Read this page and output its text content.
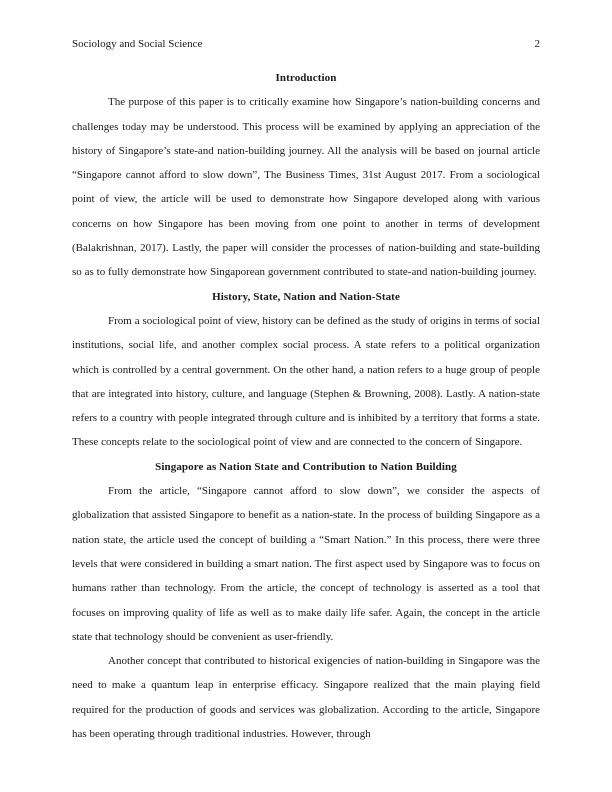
Sociology and Social Science	2
Introduction

The purpose of this paper is to critically examine how Singapore’s nation-building concerns and challenges today may be understood. This process will be examined by applying an appreciation of the history of Singapore’s state-and nation-building journey. All the analysis will be based on journal article “Singapore cannot afford to slow down”, The Business Times, 31st August 2017. From a sociological point of view, the article will be used to demonstrate how Singapore developed along with various concerns on how Singapore has been moving from one point to another in terms of development (Balakrishnan, 2017). Lastly, the paper will consider the processes of nation-building and state-building so as to fully demonstrate how Singaporean government contributed to state-and nation-building journey.

History, State, Nation and Nation-State

From a sociological point of view, history can be defined as the study of origins in terms of social institutions, social life, and another complex social process. A state refers to a political organization which is controlled by a central government. On the other hand, a nation refers to a huge group of people that are integrated into history, culture, and language (Stephen & Browning, 2008). Lastly. A nation-state refers to a country with people integrated through culture and is inhibited by a territory that forms a state. These concepts relate to the sociological point of view and are connected to the concern of Singapore.

Singapore as Nation State and Contribution to Nation Building

From the article, “Singapore cannot afford to slow down”, we consider the aspects of globalization that assisted Singapore to benefit as a nation-state. In the process of building Singapore as a nation state, the article used the concept of building a “Smart Nation.” In this process, there were three levels that were considered in building a smart nation. The first aspect used by Singapore was to focus on humans rather than technology. From the article, the concept of technology is asserted as a tool that focuses on improving quality of life as well as to make daily life safer. Again, the concept in the article state that technology should be convenient as user-friendly.

Another concept that contributed to historical exigencies of nation-building in Singapore was the need to make a quantum leap in enterprise efficacy. Singapore realized that the main playing field required for the production of goods and services was globalization. According to the article, Singapore has been operating through traditional industries. However, through
